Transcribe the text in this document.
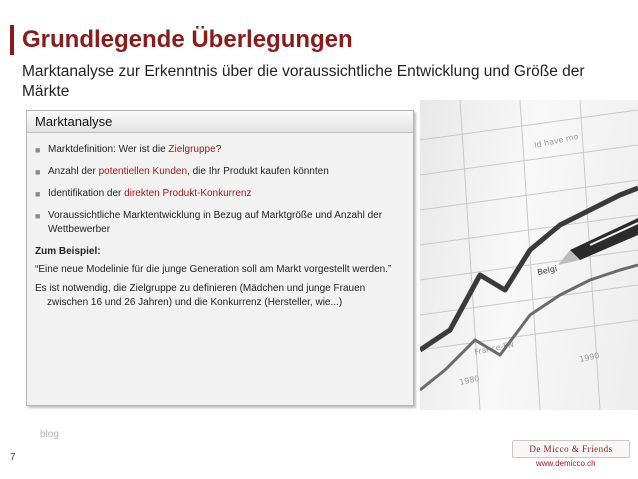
Grundlegende Überlegungen
Marktanalyse zur Erkenntnis über die voraussichtliche Entwicklung und Größe der Märkte
Marktanalyse
■ Marktdefinition: Wer ist die Zielgruppe?
■ Anzahl der potentiellen Kunden, die Ihr Produkt kaufen könnten
■ Identifikation der direkten Produkt-Konkurrenz
■ Voraussichtliche Marktentwicklung in Bezug auf Marktgröße und Anzahl der Wettbewerber
Zum Beispiel:

“Eine neue Modelinie für die junge Generation soll am Markt vorgestellt werden.”

Es ist notwendig, die Zielgruppe zu definieren (Mädchen und junge Frauen zwischen 16 und 26 Jahren) und die Konkurrenz (Hersteller, wie...)

ld have mo
France-FN
1980
1990
Belgi
blog
7
De Micco & Friends
www.demicco.ch
